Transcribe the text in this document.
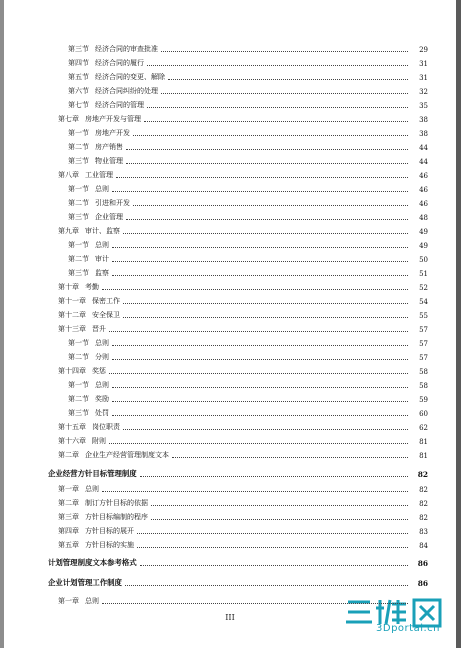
III
3Dportal.cn
第三节 经济合同的审查批准	29
第四节 经济合同的履行	31
第五节 经济合同的变更、解除	31
第六节 经济合同纠纷的处理	32
第七节 经济合同的管理	35
第七章 房地产开发与管理	38
第一节 房地产开发	38
第二节 房产销售	44
第三节 物业管理	44
第八章 工业管理	46
第一节 总则	46
第二节 引进和开发	46
第三节 企业管理	48
第九章 审计、监察	49
第一节 总则	49
第二节 审计	50
第三节 监察	51
第十章 考勤	52
第十一章 保密工作	54
第十二章 安全保卫	55
第十三章 晋升	57
第一节 总则	57
第二节 分则	57
第十四章 奖惩	58
第一节 总则	58
第二节 奖励	59
第三节 处罚	60
第十五章 岗位职责	62
第十六章 附则	81
第二章 企业生产经营管理制度文本	81
企业经营方针目标管理制度	82
第一章 总则	82
第二章 制订方针目标的依据	82
第三章 方针目标编制的程序	82
第四章 方针目标的展开	83
第五章 方针目标的实施	84
计划管理制度文本参考格式	86
企业计划管理工作制度	86
第一章 总则
